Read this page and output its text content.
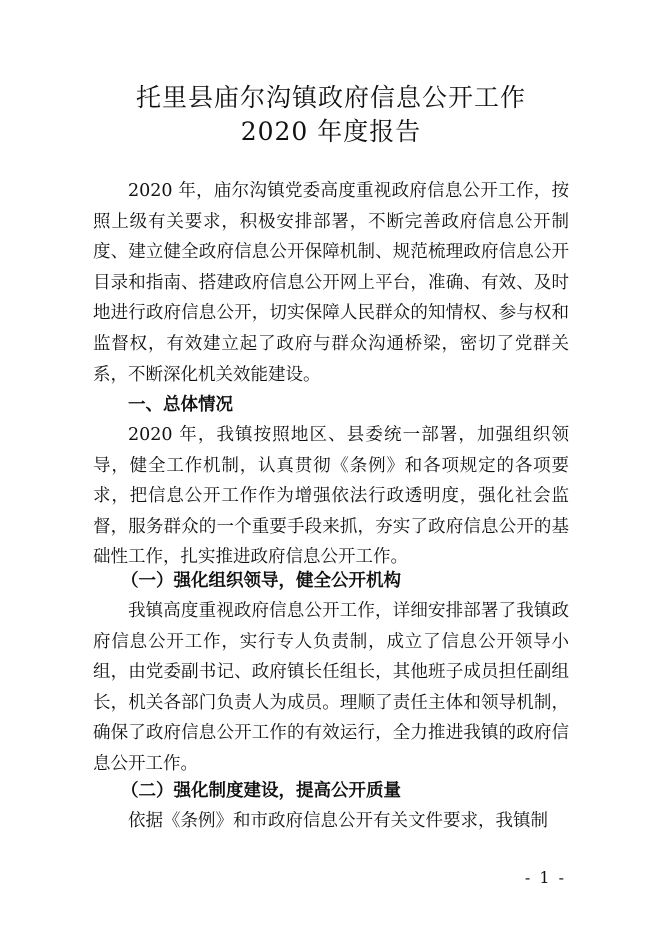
托里县庙尔沟镇政府信息公开工作
2020 年度报告

2020 年，庙尔沟镇党委高度重视政府信息公开工作，按照上级有关要求，积极安排部署，不断完善政府信息公开制度、建立健全政府信息公开保障机制、规范梳理政府信息公开目录和指南、搭建政府信息公开网上平台，准确、有效、及时地进行政府信息公开，切实保障人民群众的知情权、参与权和监督权，有效建立起了政府与群众沟通桥梁，密切了党群关系，不断深化机关效能建设。

一、总体情况

2020 年，我镇按照地区、县委统一部署，加强组织领导，健全工作机制，认真贯彻《条例》和各项规定的各项要求，把信息公开工作作为增强依法行政透明度，强化社会监督，服务群众的一个重要手段来抓，夯实了政府信息公开的基础性工作，扎实推进政府信息公开工作。

（一）强化组织领导，健全公开机构

我镇高度重视政府信息公开工作，详细安排部署了我镇政府信息公开工作，实行专人负责制，成立了信息公开领导小组，由党委副书记、政府镇长任组长，其他班子成员担任副组长，机关各部门负责人为成员。理顺了责任主体和领导机制，确保了政府信息公开工作的有效运行，全力推进我镇的政府信息公开工作。

（二）强化制度建设，提高公开质量

依据《条例》和市政府信息公开有关文件要求，我镇制

- 1 -
